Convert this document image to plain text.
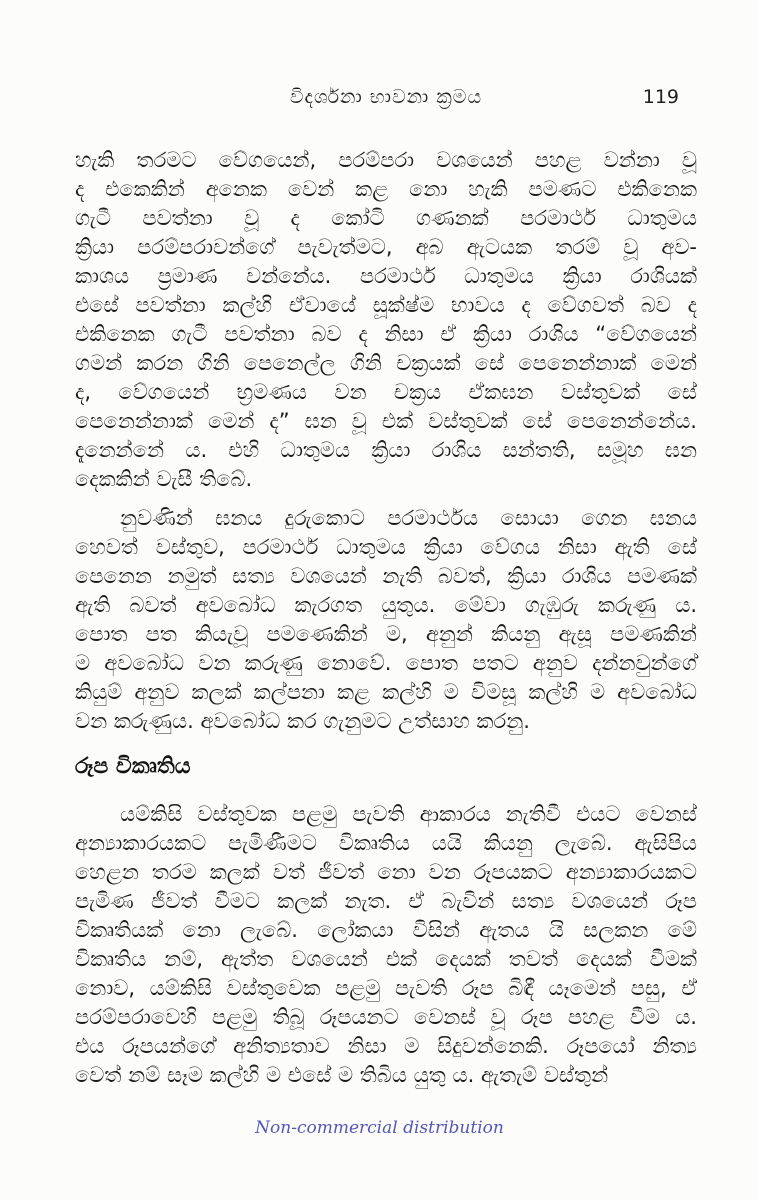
විදර්ශනා භාවනා ක්‍රමය	119
හැකි තරමට වේගයෙන්, පරම්පරා වශයෙන් පහළ වන්නා වූ
ද එකෙකින් අනෙක වෙන් කළ නො හැකි පමණට එකිනෙක
ගැටී පවත්නා වූ ද කෝටි ගණනක් පරමාර්ථ ධාතුමය
ක්‍රියා පරම්පරාවන්ගේ පැවැත්මට, අබ ඇටයක තරම් වූ අව-
කාශය ප්‍රමාණ වන්නේය. පරමාර්ථ ධාතුමය ක්‍රියා රාශියක්
එසේ පවත්නා කල්හි ඒවායේ සූක්ෂ්ම භාවය ද වේගවත් බව ද
එකිනෙක ගැටී පවත්නා බව ද නිසා ඒ ක්‍රියා රාශිය “වේගයෙන්
ගමන් කරන ගිනි පෙනෙල්ල ගිනි චක්‍රයක් සේ පෙනෙන්නාක් මෙන්
ද, වේගයෙන් භ්‍රමණය වන චක්‍රය ඒකඝන වස්තුවක් සේ
පෙනෙන්නාක් මෙන් ද” ඝන වූ එක් වස්තුවක් සේ පෙනෙන්නේය.
දැනෙන්නේ ය. එහි ධාතුමය ක්‍රියා රාශිය සන්තති, සමූහ ඝන
දෙකකින් වැසී තිබේ.
නුවණින් ඝනය දුරුකොට පරමාර්ථය සොයා ගෙන ඝනය
හෙවත් වස්තුව, පරමාර්ථ ධාතුමය ක්‍රියා වේගය නිසා ඇති සේ
පෙනෙන නමුත් සත්‍ය වශයෙන් නැති බවත්, ක්‍රියා රාශිය පමණක්
ඇති බවත් අවබෝධ කැරගත යුතුය. මේවා ගැඹුරු කරුණු ය.
පොත පත කියැවූ පමණෙකින් ම, අනුන් කියනු ඇසූ පමණකින්
ම අවබෝධ වන කරුණු නොවේ. පොත පතට අනුව දන්නවුන්ගේ
කියුම් අනුව කලක් කල්පනා කළ කල්හි ම විමසූ කල්හි ම අවබෝධ
වන කරුණුය. අවබෝධ කර ගැනුමට උත්සාහ කරනු.
රූප විකෘතිය
යම්කිසි වස්තුවක පළමු පැවති ආකාරය නැතිවී එයට වෙනස්
අන්‍යාකාරයකට පැමිණීමට විකෘතිය යයි කියනු ලැබේ. ඇසිපිය
හෙළන තරම කලක් වත් ජීවත් නො වන රූපයකට අන්‍යාකාරයකට
පැමිණ ජීවත් වීමට කලක් නැත. ඒ බැවින් සත්‍ය වශයෙන් රූප
විකෘතියක් නො ලැබේ. ලෝකයා විසින් ඇතය යි සලකන මේ
විකෘතිය නම්, ඇත්ත වශයෙන් එක් දෙයක් තවත් දෙයක් වීමක්
නොව, යම්කිසි වස්තුවෙක පළමු පැවති රූප බිඳී යෑමෙන් පසු, ඒ
පරම්පරාවෙහි පළමු තිබූ රූපයනට වෙනස් වූ රූප පහළ වීම ය.
එය රූපයන්ගේ අනිත්‍යතාව නිසා ම සිදුවන්නෙකි. රූපයෝ නිත්‍ය
වෙත් නම් සෑම කල්හි ම එසේ ම තිබිය යුතු ය. ඇතැම් වස්තුන්
Non-commercial distribution
